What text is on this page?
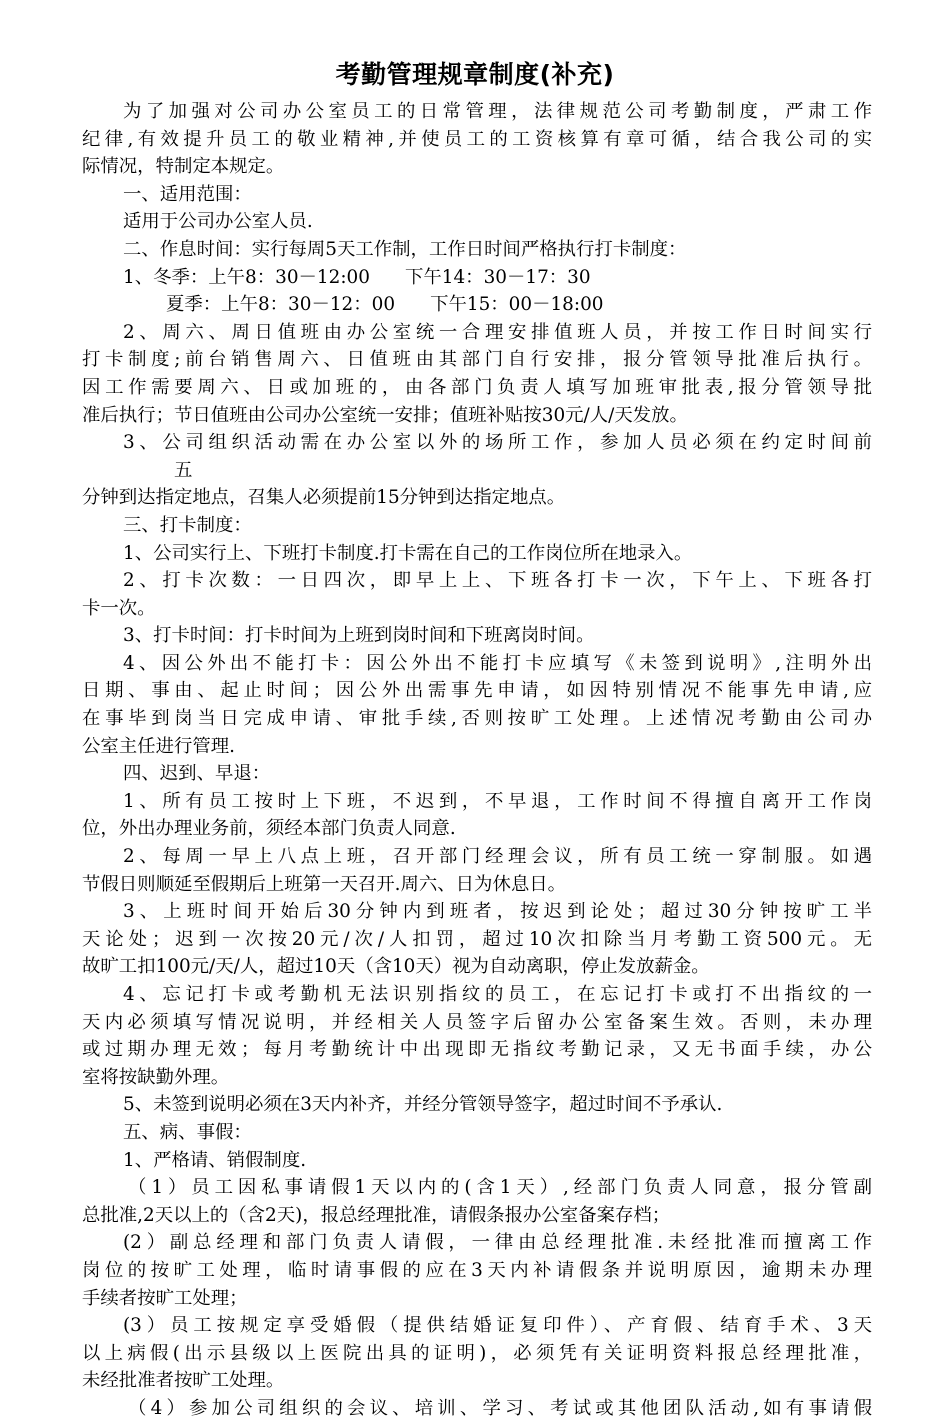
考勤管理规章制度(补充)
为了加强对公司办公室员工的日常管理，法律规范公司考勤制度，严肃工作
纪律,有效提升员工的敬业精神,并使员工的工资核算有章可循，结合我公司的实
际情况，特制定本规定。
一、适用范围：
适用于公司办公室人员.
二、作息时间：实行每周5天工作制，工作日时间严格执行打卡制度：
1、冬季：上午8：30－12:00      下午14：30－17：30
夏季：上午8：30－12：00      下午15：00－18:00
2、周六、周日值班由办公室统一合理安排值班人员，并按工作日时间实行
打卡制度;前台销售周六、日值班由其部门自行安排，报分管领导批准后执行。
因工作需要周六、日或加班的，由各部门负责人填写加班审批表,报分管领导批
准后执行；节日值班由公司办公室统一安排；值班补贴按30元/人/天发放。
3、公司组织活动需在办公室以外的场所工作，参加人员必须在约定时间前
五
分钟到达指定地点，召集人必须提前15分钟到达指定地点。
三、打卡制度：
1、公司实行上、下班打卡制度.打卡需在自己的工作岗位所在地录入。
2、打卡次数：一日四次，即早上上、下班各打卡一次，下午上、下班各打
卡一次。
3、打卡时间：打卡时间为上班到岗时间和下班离岗时间。
4、因公外出不能打卡：因公外出不能打卡应填写《未签到说明》,注明外出
日期、事由、起止时间；因公外出需事先申请，如因特别情况不能事先申请,应
在事毕到岗当日完成申请、审批手续,否则按旷工处理。上述情况考勤由公司办
公室主任进行管理.
四、迟到、早退：
1、所有员工按时上下班，不迟到，不早退，工作时间不得擅自离开工作岗
位，外出办理业务前，须经本部门负责人同意.
2、每周一早上八点上班，召开部门经理会议，所有员工统一穿制服。如遇
节假日则顺延至假期后上班第一天召开.周六、日为休息日。
3、上班时间开始后30分钟内到班者，按迟到论处；超过30分钟按旷工半
天论处；迟到一次按20元/次/人扣罚，超过10次扣除当月考勤工资500元。无
故旷工扣100元/天/人，超过10天（含10天）视为自动离职，停止发放薪金。
4、忘记打卡或考勤机无法识别指纹的员工，在忘记打卡或打不出指纹的一
天内必须填写情况说明，并经相关人员签字后留办公室备案生效。否则，未办理
或过期办理无效；每月考勤统计中出现即无指纹考勤记录，又无书面手续，办公
室将按缺勤外理。
5、未签到说明必须在3天内补齐，并经分管领导签字，超过时间不予承认.
五、病、事假：
1、严格请、销假制度.
（1）员工因私事请假1天以内的(含1天）,经部门负责人同意，报分管副
总批准,2天以上的（含2天)，报总经理批准，请假条报办公室备案存档；
(2）副总经理和部门负责人请假，一律由总经理批准.未经批准而擅离工作
岗位的按旷工处理，临时请事假的应在3天内补请假条并说明原因，逾期未办理
手续者按旷工处理；
(3）员工按规定享受婚假（提供结婚证复印件）、产育假、结育手术、3天
以上病假(出示县级以上医院出具的证明)，必须凭有关证明资料报总经理批准，
未经批准者按旷工处理。
（4）参加公司组织的会议、培训、学习、考试或其他团队活动,如有事请假
